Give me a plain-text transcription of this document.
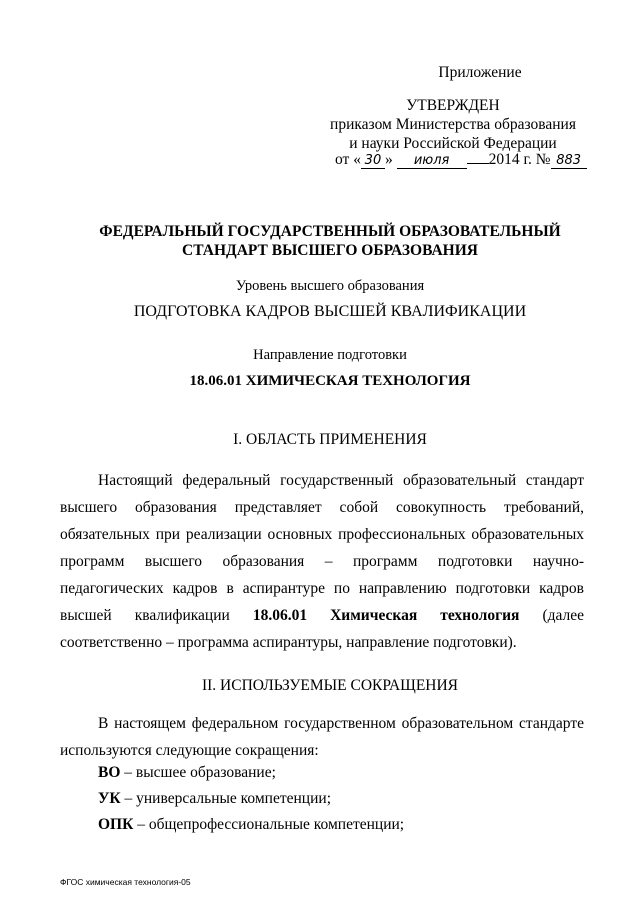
Приложение
УТВЕРЖДЕН
приказом Министерства образования
и науки Российской Федерации
от « 30 » июля	2014 г. № 883
ФЕДЕРАЛЬНЫЙ ГОСУДАРСТВЕННЫЙ ОБРАЗОВАТЕЛЬНЫЙ
СТАНДАРТ ВЫСШЕГО ОБРАЗОВАНИЯ
Уровень высшего образования
ПОДГОТОВКА КАДРОВ ВЫСШЕЙ КВАЛИФИКАЦИИ
Направление подготовки
18.06.01 ХИМИЧЕСКАЯ ТЕХНОЛОГИЯ
I. ОБЛАСТЬ ПРИМЕНЕНИЯ
Настоящий федеральный государственный образовательный стандарт высшего образования представляет собой совокупность требований, обязательных при реализации основных профессиональных образовательных программ высшего образования – программ подготовки научно-педагогических кадров в аспирантуре по направлению подготовки кадров высшей квалификации 18.06.01 Химическая технология (далее соответственно – программа аспирантуры, направление подготовки).
II. ИСПОЛЬЗУЕМЫЕ СОКРАЩЕНИЯ
В настоящем федеральном государственном образовательном стандарте используются следующие сокращения:
ВО – высшее образование;
УК – универсальные компетенции;
ОПК – общепрофессиональные компетенции;
ФГОС химическая технология-05
